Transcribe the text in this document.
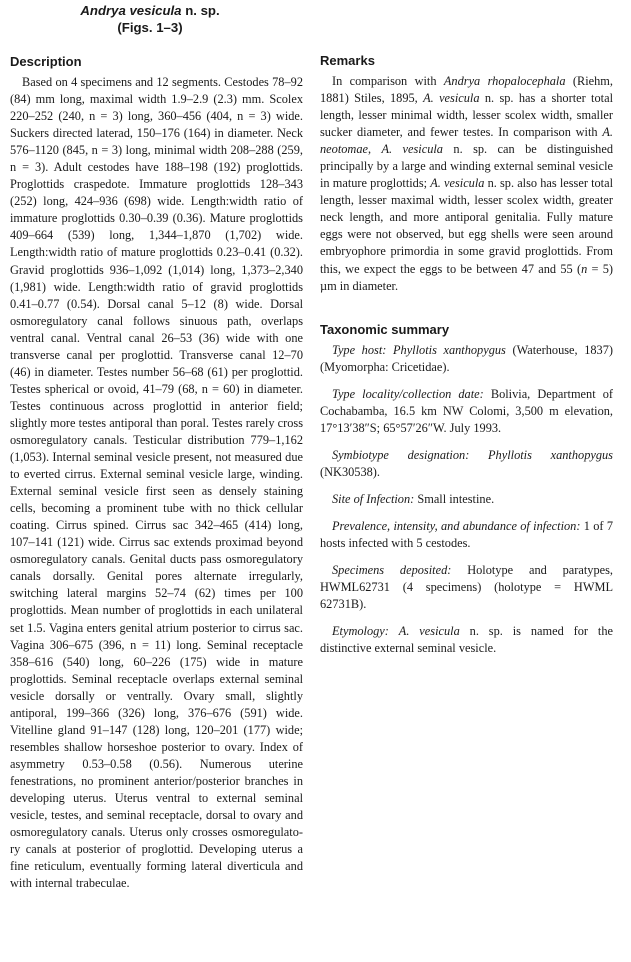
Andrya vesicula n. sp.
(Figs. 1–3)
Description

Based on 4 specimens and 12 segments. Cestodes 78–92 (84) mm long, maximal width 1.9–2.9 (2.3) mm. Scolex 220–252 (240, n = 3) long, 360–456 (404, n = 3) wide. Suckers directed laterad, 150–176 (164) in diameter. Neck 576–1120 (845, n = 3) long, minimal width 208–288 (259, n = 3). Adult cestodes have 188–198 (192) proglottids. Proglottids craspedote. Immature proglottids 128–343 (252) long, 424–936 (698) wide. Length:width ratio of immature proglottids 0.30–0.39 (0.36). Mature proglottids 409–664 (539) long, 1,344–1,870 (1,702) wide. Length:width ratio of mature proglottids 0.23–0.41 (0.32). Gravid proglottids 936–1,092 (1,014) long, 1,373–2,340 (1,981) wide. Length:width ratio of gravid proglottids 0.41–0.77 (0.54). Dorsal canal 5–12 (8) wide. Dorsal osmoregulatory canal follows sinuous path, overlaps ventral canal. Ventral canal 26–53 (36) wide with one transverse canal per proglottid. Transverse canal 12–70 (46) in diameter. Testes number 56–68 (61) per proglottid. Testes spherical or ovoid, 41–79 (68, n = 60) in diameter. Testes continuous across proglottid in anterior field; slightly more testes antiporal than poral. Testes rarely cross osmoregulatory canals. Testicular distribution 779–1,162 (1,053). Internal seminal vesicle present, not measured due to everted cirrus. External seminal vesicle large, winding. External seminal vesicle first seen as densely staining cells, becoming a prominent tube with no thick cellular coating. Cirrus spined. Cirrus sac 342–465 (414) long, 107–141 (121) wide. Cirrus sac extends proximad beyond osmoregulatory canals. Genital ducts pass osmoregulatory canals dorsally. Genital pores alternate irregularly, switching lateral margins 52–74 (62) times per 100 proglottids. Mean number of proglottids in each unilateral set 1.5. Vagina enters genital atrium posterior to cirrus sac. Vagina 306–675 (396, n = 11) long. Seminal receptacle 358–616 (540) long, 60–226 (175) wide in mature proglottids. Seminal receptacle overlaps external seminal vesicle dorsally or ventrally. Ovary small, slightly antiporal, 199–366 (326) long, 376–676 (591) wide. Vitelline gland 91–147 (128) long, 120–201 (177) wide; resembles shallow horseshoe posterior to ovary. Index of asymmetry 0.53–0.58 (0.56). Numerous uterine fenestrations, no prominent anterior/posterior branches in developing uterus. Uterus ventral to external seminal vesicle, testes, and seminal receptacle, dorsal to ovary and osmoregulatory canals. Uterus only crosses osmoregulatory canals at posterior of proglottid. Developing uterus a fine reticulum, eventually forming lateral diverticula and with internal trabeculae.

Remarks

In comparison with Andrya rhopalocephala (Riehm, 1881) Stiles, 1895, A. vesicula n. sp. has a shorter total length, lesser minimal width, lesser scolex width, smaller sucker diameter, and fewer testes. In comparison with A. neotomae, A. vesicula n. sp. can be distinguished principally by a large and winding external seminal vesicle in mature proglottids; A. vesicula n. sp. also has lesser total length, lesser maximal width, lesser scolex width, greater neck length, and more antiporal genitalia. Fully mature eggs were not observed, but egg shells were seen around embryophore primordia in some gravid proglottids. From this, we expect the eggs to be between 47 and 55 (n = 5) µm in diameter.

Taxonomic summary

Type host: Phyllotis xanthopygus (Waterhouse, 1837) (Myomorpha: Cricetidae).

Type locality/collection date: Bolivia, Department of Cochabamba, 16.5 km NW Colomi, 3,500 m elevation, 17°13′38″S; 65°57′26″W. July 1993.

Symbiotype designation: Phyllotis xanthopygus (NK30538).

Site of Infection: Small intestine.

Prevalence, intensity, and abundance of infection: 1 of 7 hosts infected with 5 cestodes.

Specimens deposited: Holotype and paratypes, HWML62731 (4 specimens) (holotype = HWML 62731B).

Etymology: A. vesicula n. sp. is named for the distinctive external seminal vesicle.
